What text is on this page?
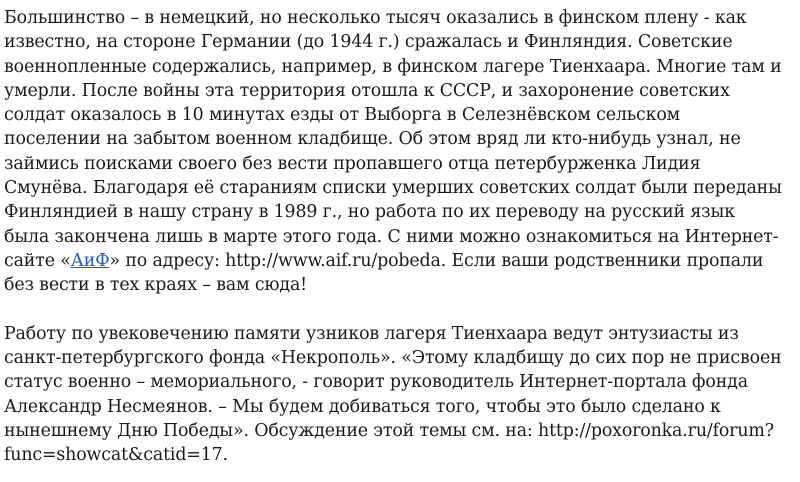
Большинство – в немецкий, но несколько тысяч оказались в финском плену - как
известно, на стороне Германии (до 1944 г.) сражалась и Финляндия. Советские
военнопленные содержались, например, в финском лагере Тиенхаара. Многие там и
умерли. После войны эта территория отошла к СССР, и захоронение советских
солдат оказалось в 10 минутах езды от Выборга в Селезнёвском сельском
поселении на забытом военном кладбище. Об этом вряд ли кто-нибудь узнал, не
займись поисками своего без вести пропавшего отца петербурженка Лидия
Смунёва. Благодаря её стараниям списки умерших советских солдат были переданы
Финляндией в нашу страну в 1989 г., но работа по их переводу на русский язык
была закончена лишь в марте этого года. С ними можно ознакомиться на Интернет-
сайте «АиФ» по адресу: http://www.aif.ru/pobeda. Если ваши родственники пропали
без вести в тех краях – вам сюда!

Работу по увековечению памяти узников лагеря Тиенхаара ведут энтузиасты из
санкт-петербургского фонда «Некрополь». «Этому кладбищу до сих пор не присвоен
статус военно – мемориального, - говорит руководитель Интернет-портала фонда
Александр Несмеянов. – Мы будем добиваться того, чтобы это было сделано к
нынешнему Дню Победы». Обсуждение этой темы см. на: http://poxoronka.ru/forum?
func=showcat&catid=17.
